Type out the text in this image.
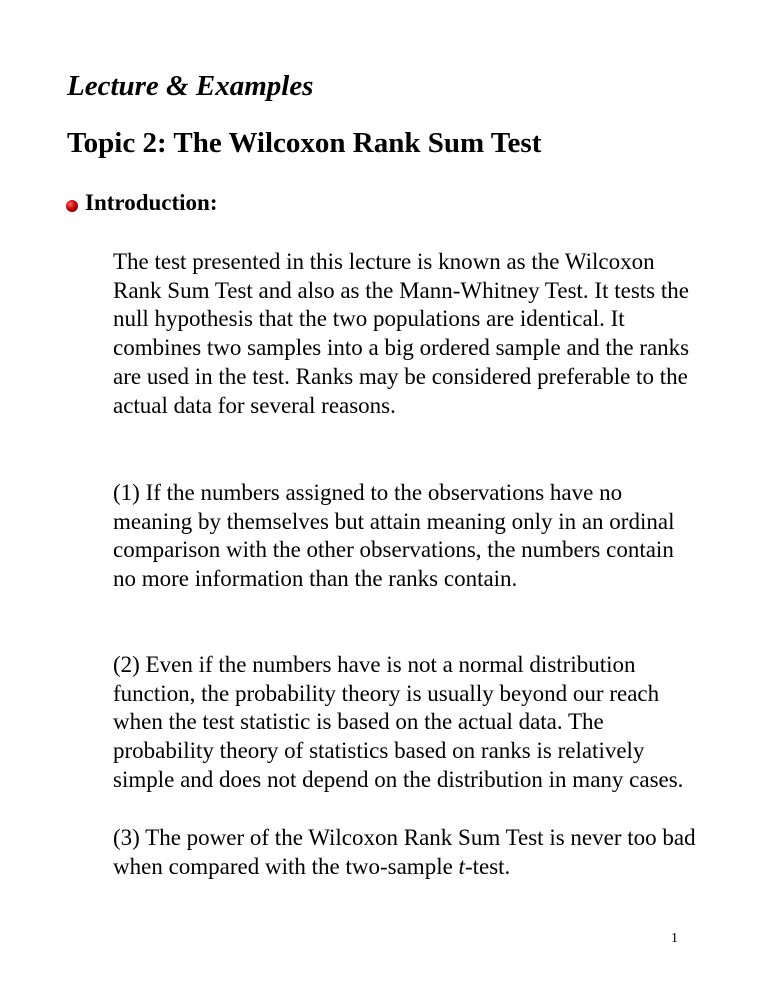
Lecture & Examples
Topic 2: The Wilcoxon Rank Sum Test
Introduction:

The test presented in this lecture is known as the Wilcoxon Rank Sum Test and also as the Mann-Whitney Test. It tests the null hypothesis that the two populations are identical. It combines two samples into a big ordered sample and the ranks are used in the test. Ranks may be considered preferable to the actual data for several reasons.

(1) If the numbers assigned to the observations have no meaning by themselves but attain meaning only in an ordinal comparison with the other observations, the numbers contain no more information than the ranks contain.

(2) Even if the numbers have is not a normal distribution function, the probability theory is usually beyond our reach when the test statistic is based on the actual data. The probability theory of statistics based on ranks is relatively simple and does not depend on the distribution in many cases.

(3) The power of the Wilcoxon Rank Sum Test is never too bad when compared with the two-sample t-test.

1
